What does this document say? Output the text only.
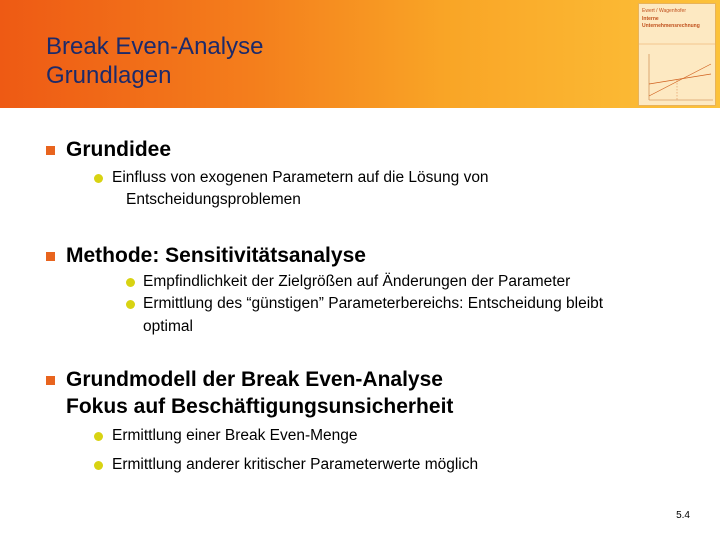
Break Even-Analyse
Grundlagen
Ewert / Wagenhofer
Interne
Unternehmensrechnung
Grundidee
Einfluss von exogenen Parametern auf die Lösung von
Entscheidungsproblemen
Methode: Sensitivitätsanalyse
Empfindlichkeit der Zielgrößen auf Änderungen der Parameter
Ermittlung des “günstigen” Parameterbereichs: Entscheidung bleibt
optimal
Grundmodell der Break Even-Analyse
Fokus auf Beschäftigungsunsicherheit
Ermittlung einer Break Even-Menge
Ermittlung anderer kritischer Parameterwerte möglich
5.4
